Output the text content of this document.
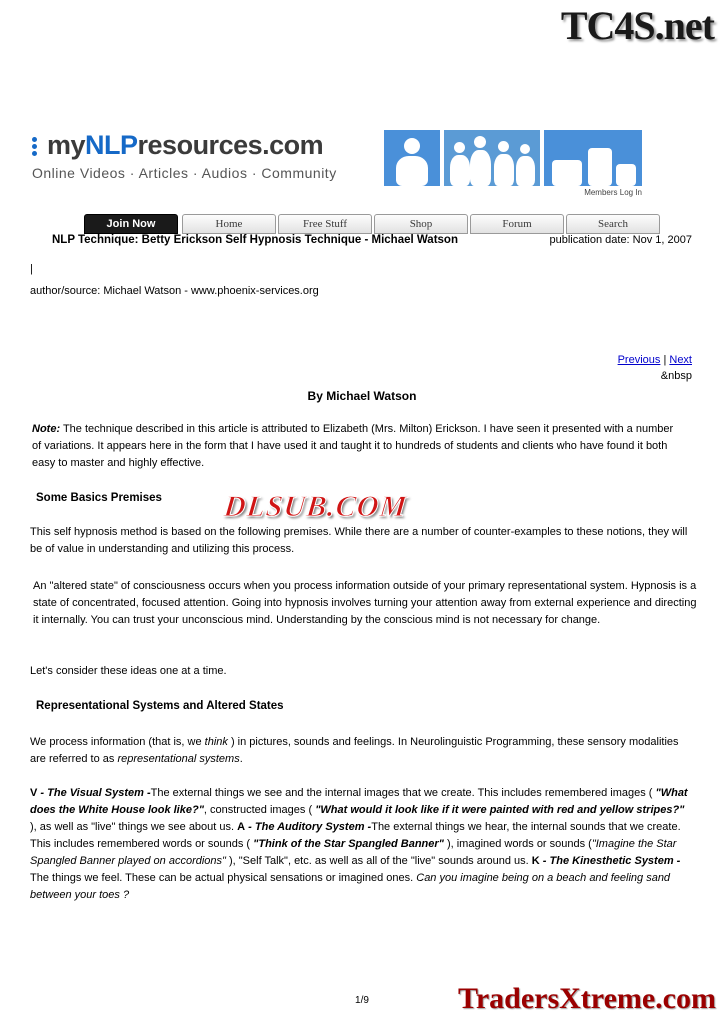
TC4S.net
DLSUB.COM
TradersXtreme.com
myNLPresources.com
Online Videos · Articles · Audios · Community
Members Log In
Join Now	Home	Free Stuff	Shop	Forum	Search
NLP Technique: Betty Erickson Self Hypnosis Technique - Michael Watson	publication date: Nov 1, 2007
|
author/source: Michael Watson - www.phoenix-services.org
Previous | Next
&nbsp
By Michael Watson
Note: The technique described in this article is attributed to Elizabeth (Mrs. Milton) Erickson. I have seen it presented with a number of variations. It appears here in the form that I have used it and taught it to hundreds of students and clients who have found it both easy to master and highly effective.
Some Basics Premises
This self hypnosis method is based on the following premises. While there are a number of counter-examples to these notions, they will be of value in understanding and utilizing this process.
An "altered state" of consciousness occurs when you process information outside of your primary representational system. Hypnosis is a state of concentrated, focused attention. Going into hypnosis involves turning your attention away from external experience and directing it internally. You can trust your unconscious mind. Understanding by the conscious mind is not necessary for change.
Let's consider these ideas one at a time.
Representational Systems and Altered States
We process information (that is, we think ) in pictures, sounds and feelings. In Neurolinguistic Programming, these sensory modalities are referred to as representational systems.
V - The Visual System -The external things we see and the internal images that we create. This includes remembered images ( "What does the White House look like?", constructed images ( "What would it look like if it were painted with red and yellow stripes?" ), as well as "live" things we see about us. A - The Auditory System -The external things we hear, the internal sounds that we create. This includes remembered words or sounds ( "Think of the Star Spangled Banner" ), imagined words or sounds ("Imagine the Star Spangled Banner played on accordions" ), "Self Talk", etc. as well as all of the "live" sounds around us. K - The Kinesthetic System -The things we feel. These can be actual physical sensations or imagined ones. Can you imagine being on a beach and feeling sand between your toes ?
1/9
